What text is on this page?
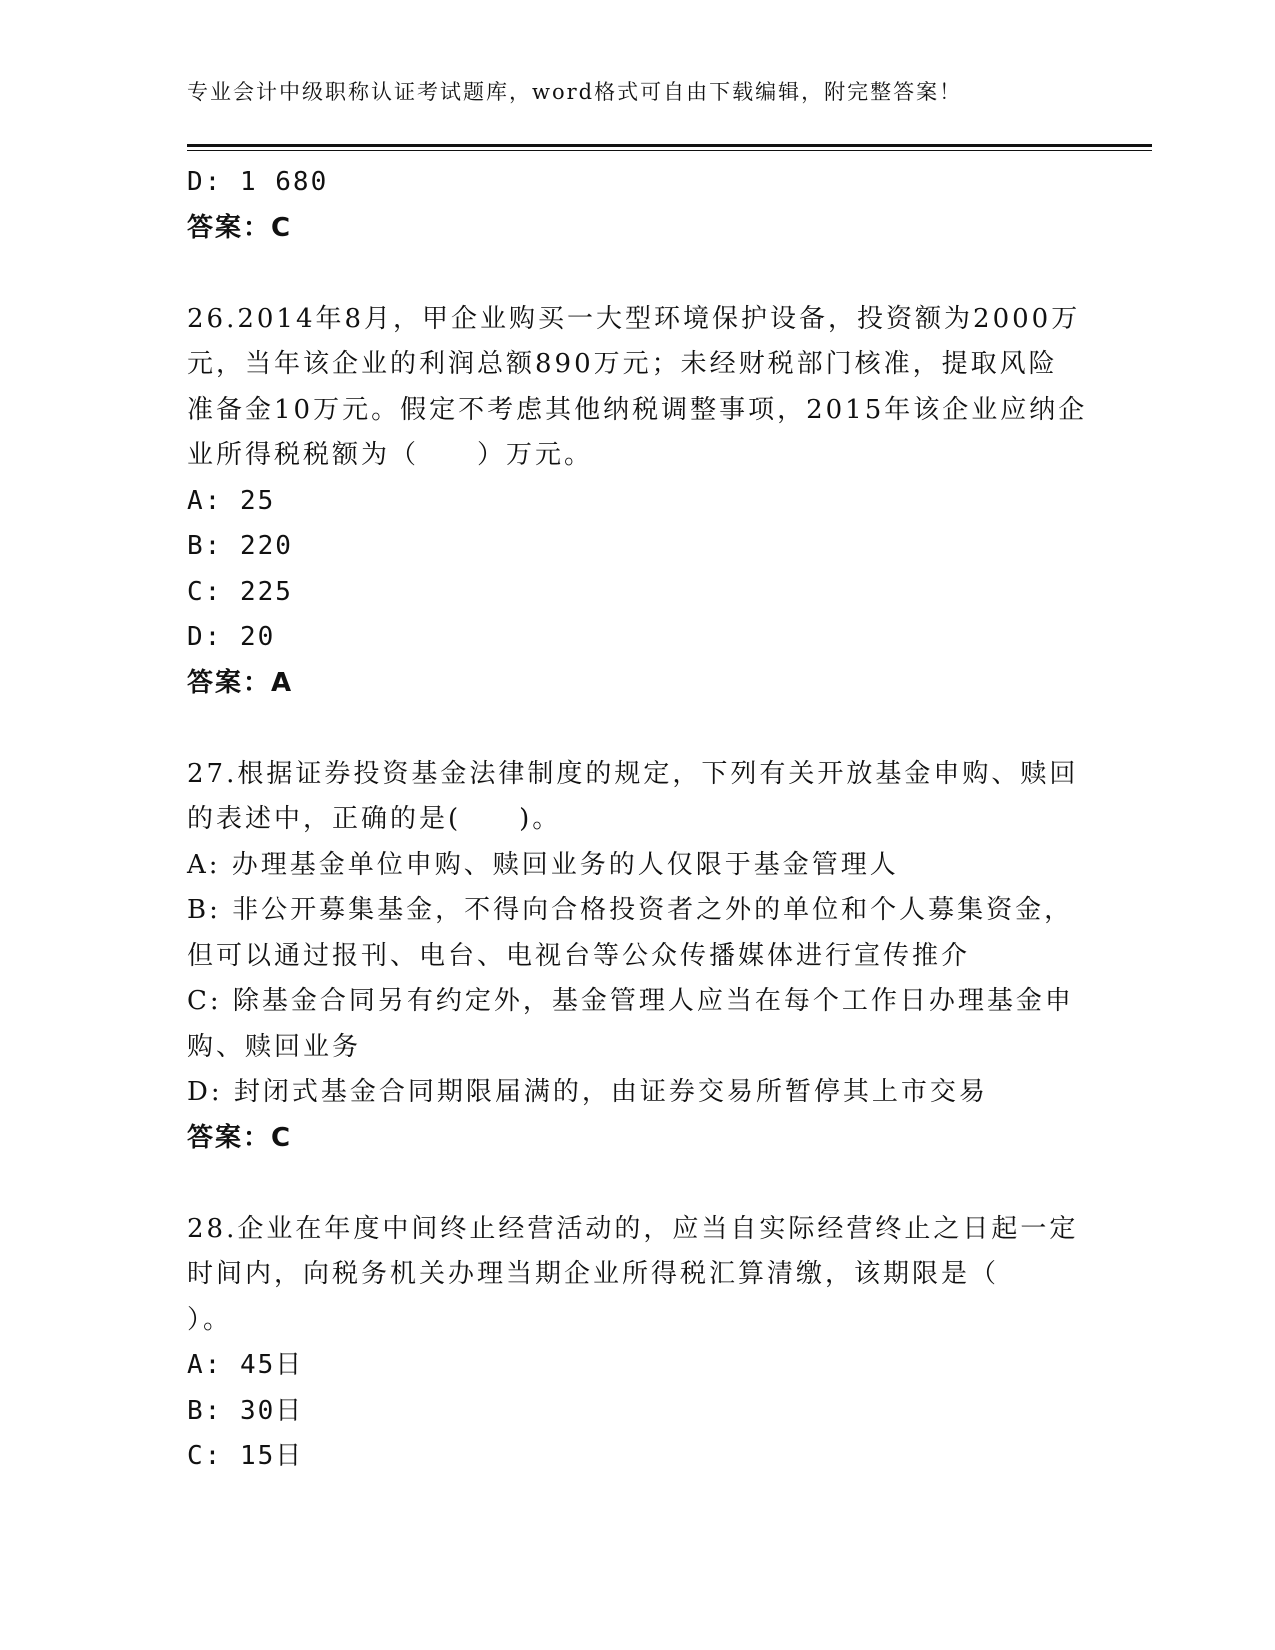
专业会计中级职称认证考试题库，word格式可自由下载编辑，附完整答案！
D: 1 680
答案：C
26.2014年8月，甲企业购买一大型环境保护设备，投资额为2000万
元，当年该企业的利润总额890万元；未经财税部门核准，提取风险
准备金10万元。假定不考虑其他纳税调整事项，2015年该企业应纳企
业所得税税额为（　　）万元。
A: 25
B: 220
C: 225
D: 20
答案：A
27.根据证券投资基金法律制度的规定，下列有关开放基金申购、赎回
的表述中，正确的是(　　)。
A: 办理基金单位申购、赎回业务的人仅限于基金管理人
B: 非公开募集基金，不得向合格投资者之外的单位和个人募集资金，
但可以通过报刊、电台、电视台等公众传播媒体进行宣传推介
C: 除基金合同另有约定外，基金管理人应当在每个工作日办理基金申
购、赎回业务
D: 封闭式基金合同期限届满的，由证券交易所暂停其上市交易
答案：C
28.企业在年度中间终止经营活动的，应当自实际经营终止之日起一定
时间内，向税务机关办理当期企业所得税汇算清缴，该期限是（
）。
A: 45日
B: 30日
C: 15日
